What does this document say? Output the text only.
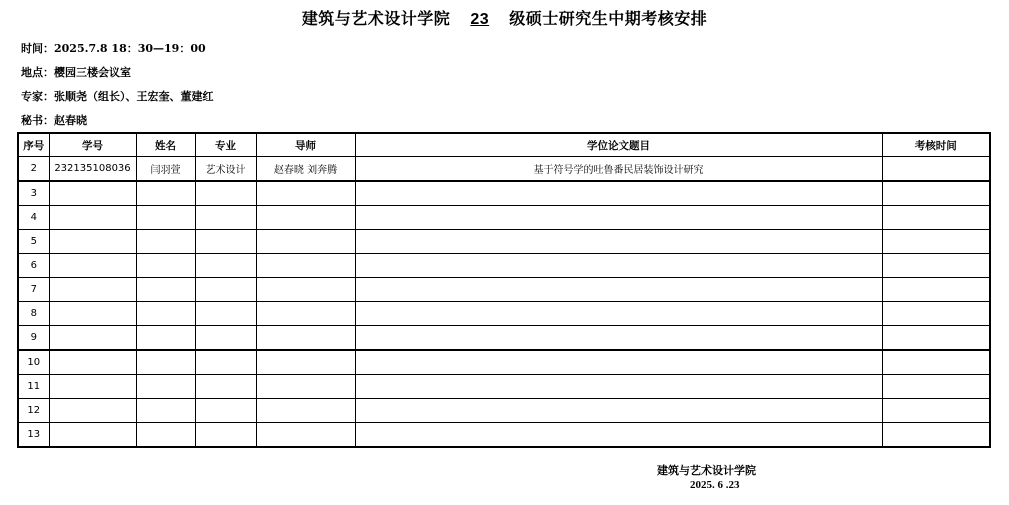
建筑与艺术设计学院 23 级硕士研究生中期考核安排
时间：2025.7.8 18：30—19：00
地点：樱园三楼会议室
专家：张顺尧（组长）、王宏奎、董建红
秘书：赵春晓
序号	学号	姓名	专业	导师	学位论文题目	考核时间
2	232135108036	闫羽萱	艺术设计	赵春晓 刘奔腾	基于符号学的吐鲁番民居装饰设计研究	
3						
4						
5						
6						
7						
8						
9						
10						
11						
12						
13						
建筑与艺术设计学院
2025. 6 .23
